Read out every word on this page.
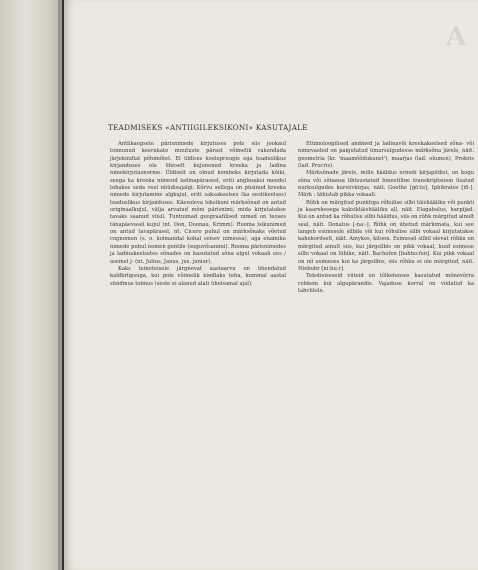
A
TEADMISEKS «ANTIIGILEKSIKONI» KASUTAJALE

Antiikaegsete pärisnimede kirjutuses pole siis jookaul toimunud keerukate muutuste pärast võimelik rakendada järjekindlat põhimõtet. Ei üldises keelepruugis ega teaduslikus kirjanduses ole üheselt kujunenud kreeka ja ladina nimekirjutusnorme. Üldiselt on olnud kombeks kirjutada kõiki, seega ka kreeka nimesid ladinapärasest, eriti anglosaksi meedel tehakse seda veel nüüdisajalgi. Kõrvu sellega on püsinud kreeka nimede kirjutamine algkujul, eriti saksakeelses (ka eestikeelses) teaduslikus kirjanduses. Käesoleva leksikoni märksõnad on antud originaalkujul, välja arvatud mõni pärisnimi, mida kirjutatakse tavaks saanud viisil. Tuntuimad geograafilised nimed on teoses tänapäevasel kujul (nt. Don, Doonau, Krimm). Rooma isikunimed on antud tavapärasel, nt. Cicero puhul on märksõnaks võetud cognomen (s. o. kolmandal kohal seisev nimeosa), aga enamiku nimede puhul nomen gentile (suguvõsanimi). Rooma pärisnimedes ja ladinakeelsetes sõnades on kasutatud sõna algul vokaali ees / asemel j- (nt. Julius, Janus, jus, junior).

Kaks teineteisele järgnevat aastaarvu on ühendatud kaldkriipsuga, kui pole võimelik kindlaks teha, kummal aastal sündmus toimus (seste ei alanud alati ühelsamal ajal).

Etümoloogilised andmed ja ladinavõi kreekakeelsed sõna- või nimevasted on paigutatud ümarsulgudesse märksõna järele, näit. geometria (kr. 'maamõõdukunst'), maarjas (lad. olumen), Prokris (lad. Procris).

Märksõnade järele, mille hääldus erineb kirjapildist, on kogu sõna või sõnaosa lihtsustatud foneetiline transkriptsioon lisatud nurksulgudes kursiivkirjas, näit. Goethe [gö:te], Iphikrates [ifi-]. Märk : tähistab pikka vokaali.

Rõhk on märgitud punktiga rõhulise silbi täishääliku või punkti ja kaarekesega kaksiktäishääliku all, näit. Elagabalus, harpijad. Kui on antud ka rõhulise silbi hääldus, siis on rõhk märgitud ainult seal, näit. Donatus [-na:-]. Rõhk on ühetud märkimata, kui see langeb esimesele silbile või kui rõhulise silbi vokaal kirjutatakse kahekordselt, näit. Amykos, kitoon. Esimesel silbil olevat rõhku on märgitud ainult siis, kui järgsilbis on pikk vokaal, kuid esimese silbi vokaal on lühike, näit. Bachofen [bahho:fen]. Kui pikk vokaal on nii esimeses kui ka järgsilbis, siis rõhku ei ole märgitud, näit. Niebuhr [ni:bu:r].

Tekstisiseseid viiteid on tõlketeoses kasutatud mõnevõrra rohkem kui algupärandis. Vajaduse korral on viidatud ka tahvlitele.
